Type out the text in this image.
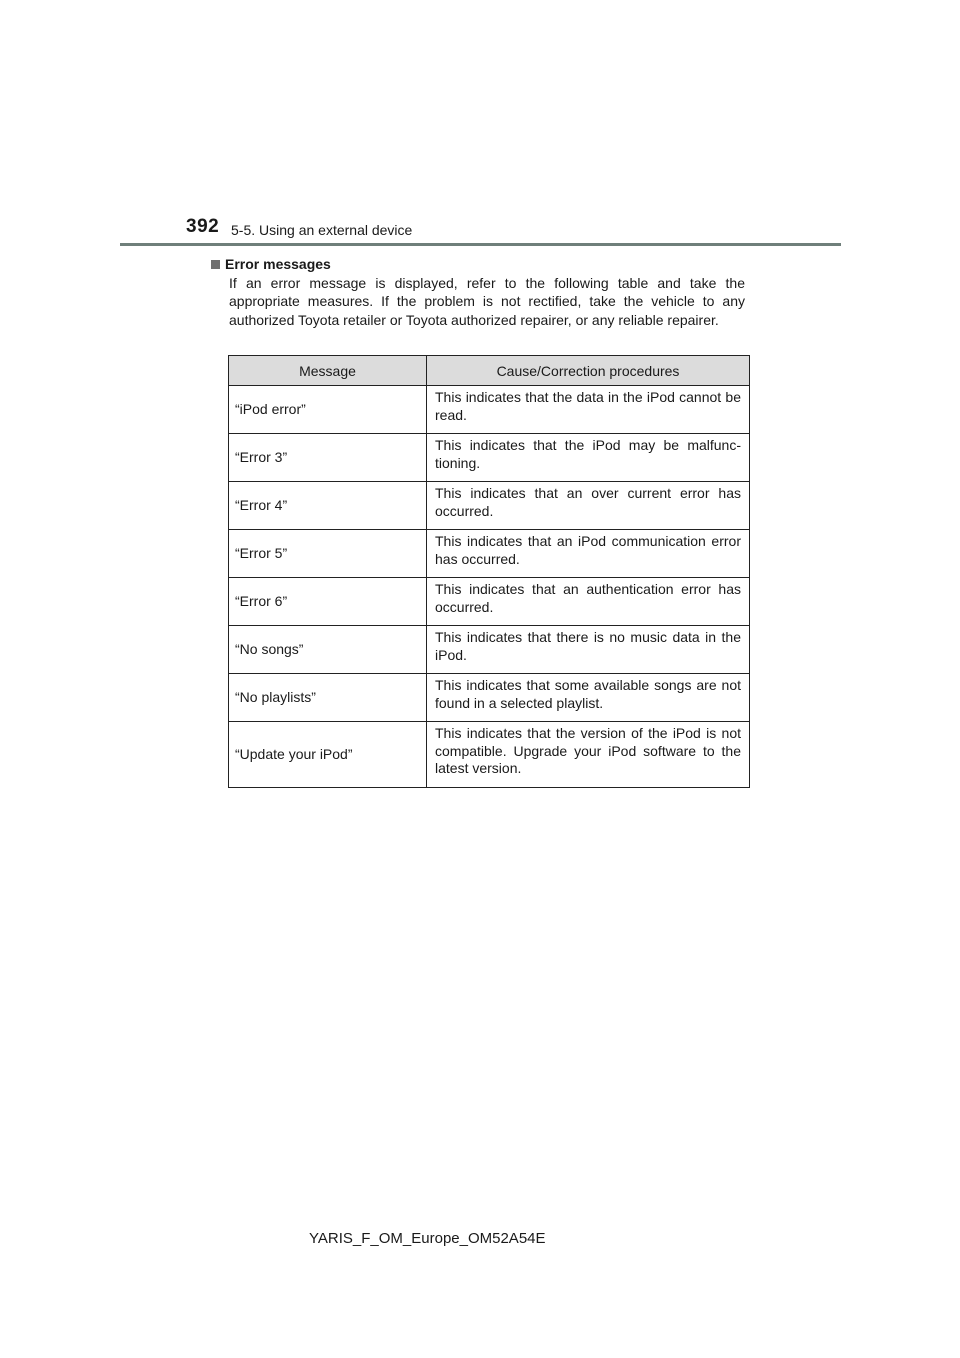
392 5-5. Using an external device
Error messages

If an error message is displayed, refer to the following table and take the appropriate measures. If the problem is not rectified, take the vehicle to any authorized Toyota retailer or Toyota authorized repairer, or any reliable repairer.

Message	Cause/Correction procedures
“iPod error”	This indicates that the data in the iPod cannot be read.
“Error 3”	This indicates that the iPod may be malfunc-tioning.
“Error 4”	This indicates that an over current error has occurred.
“Error 5”	This indicates that an iPod communication error has occurred.
“Error 6”	This indicates that an authentication error has occurred.
“No songs”	This indicates that there is no music data in the iPod.
“No playlists”	This indicates that some available songs are not found in a selected playlist.
“Update your iPod”	This indicates that the version of the iPod is not compatible. Upgrade your iPod software to the latest version.
YARIS_F_OM_Europe_OM52A54E
